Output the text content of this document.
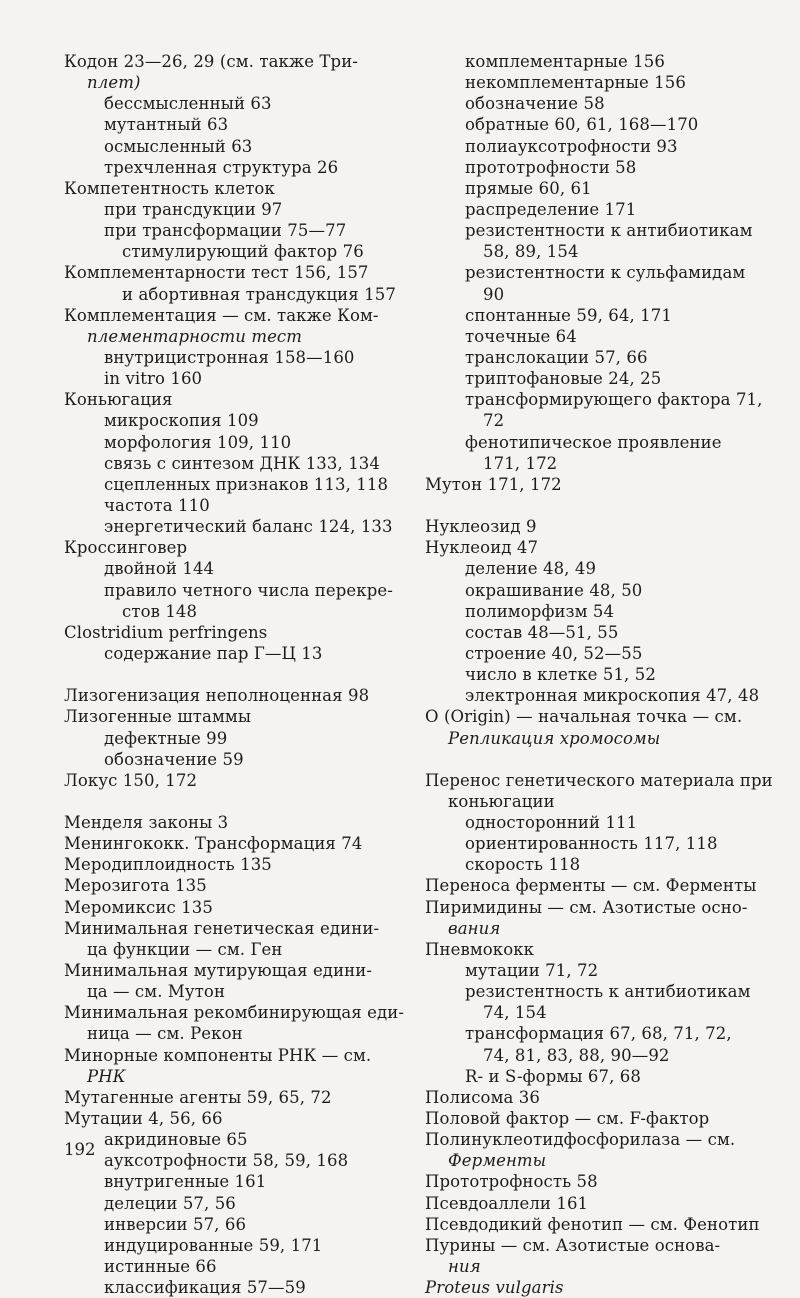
Кодон 23—26, 29 (см. также Три-
плет)
бессмысленный 63
мутантный 63
осмысленный 63
трехчленная структура 26
Компетентность клеток
при трансдукции 97
при трансформации 75—77
стимулирующий фактор 76
Комплементарности тест 156, 157
и абортивная трансдукция 157
Комплементация — см. также Ком-
плементарности тест
внутрицистронная 158—160
in vitro 160
Коньюгация
микроскопия 109
морфология 109, 110
связь с синтезом ДНК 133, 134
сцепленных признаков 113, 118
частота 110
энергетический баланс 124, 133
Кроссинговер
двойной 144
правило четного числа перекре-
стов 148
Clostridium perfringens
содержание пар Г—Ц 13
Лизогенизация неполноценная 98
Лизогенные штаммы
дефектные 99
обозначение 59
Локус 150, 172
Менделя законы 3
Менингококк. Трансформация 74
Меродиплоидность 135
Мерозигота 135
Меромиксис 135
Минимальная генетическая едини-
ца функции — см. Ген
Минимальная мутирующая едини-
ца — см. Мутон
Минимальная рекомбинирующая еди-
ница — см. Рекон
Минорные компоненты РНК — см.
РНК
Мутагенные агенты 59, 65, 72
Мутации 4, 56, 66
акридиновые 65
ауксотрофности 58, 59, 168
внутригенные 161
делеции 57, 56
инверсии 57, 66
индуцированные 59, 171
истинные 66
классификация 57—59
комплементарные 156
некомплементарные 156
обозначение 58
обратные 60, 61, 168—170
полиауксотрофности 93
прототрофности 58
прямые 60, 61
распределение 171
резистентности к антибиотикам
58, 89, 154
резистентности к сульфамидам
90
спонтанные 59, 64, 171
точечные 64
транслокации 57, 66
триптофановые 24, 25
трансформирующего фактора 71,
72
фенотипическое проявление
171, 172
Мутон 171, 172
Нуклеозид 9
Нуклеоид 47
деление 48, 49
окрашивание 48, 50
полиморфизм 54
состав 48—51, 55
строение 40, 52—55
число в клетке 51, 52
электронная микроскопия 47, 48
O (Origin) — начальная точка — см.
Репликация хромосомы
Перенос генетического материала при
коньюгации
односторонний 111
ориентированность 117, 118
скорость 118
Переноса ферменты — см. Ферменты
Пиримидины — см. Азотистые осно-
вания
Пневмококк
мутации 71, 72
резистентность к антибиотикам
74, 154
трансформация 67, 68, 71, 72,
74, 81, 83, 88, 90—92
R- и S-формы 67, 68
Полисома 36
Половой фактор — см. F-фактор
Полинуклеотидфосфорилаза — см.
Ферменты
Прототрофность 58
Псевдоаллели 161
Псевдодикий фенотип — см. Фенотип
Пурины — см. Азотистые основа-
ния
Proteus vulgaris
192
